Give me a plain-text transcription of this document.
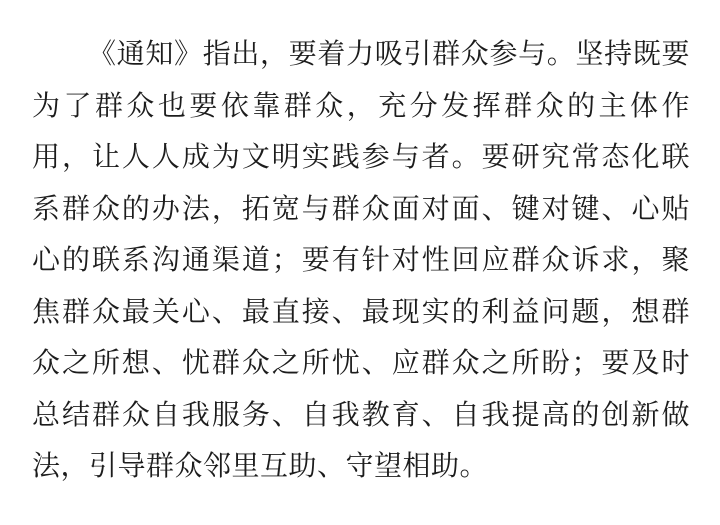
《通知》指出，要着力吸引群众参与。坚持既要
为了群众也要依靠群众，充分发挥群众的主体作
用，让人人成为文明实践参与者。要研究常态化联
系群众的办法，拓宽与群众面对面、键对键、心贴
心的联系沟通渠道；要有针对性回应群众诉求，聚
焦群众最关心、最直接、最现实的利益问题，想群
众之所想、忧群众之所忧、应群众之所盼；要及时
总结群众自我服务、自我教育、自我提高的创新做
法，引导群众邻里互助、守望相助。
